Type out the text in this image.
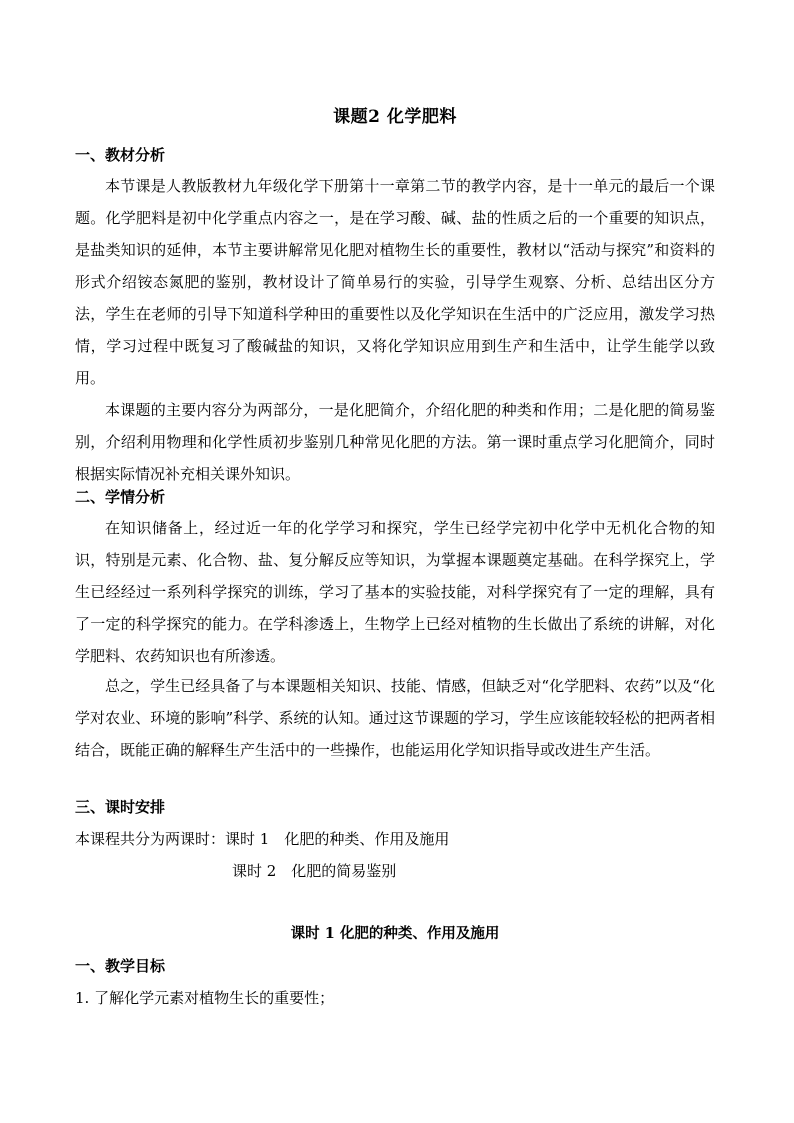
课题2 化学肥料
一、教材分析

本节课是人教版教材九年级化学下册第十一章第二节的教学内容，是十一单元的最后一个课题。化学肥料是初中化学重点内容之一，是在学习酸、碱、盐的性质之后的一个重要的知识点，是盐类知识的延伸，本节主要讲解常见化肥对植物生长的重要性，教材以“活动与探究”和资料的形式介绍铵态氮肥的鉴别，教材设计了简单易行的实验，引导学生观察、分析、总结出区分方法，学生在老师的引导下知道科学种田的重要性以及化学知识在生活中的广泛应用，激发学习热情，学习过程中既复习了酸碱盐的知识，又将化学知识应用到生产和生活中，让学生能学以致用。

本课题的主要内容分为两部分，一是化肥简介，介绍化肥的种类和作用；二是化肥的简易鉴别，介绍利用物理和化学性质初步鉴别几种常见化肥的方法。第一课时重点学习化肥简介，同时根据实际情况补充相关课外知识。

二、学情分析

在知识储备上，经过近一年的化学学习和探究，学生已经学完初中化学中无机化合物的知识，特别是元素、化合物、盐、复分解反应等知识，为掌握本课题奠定基础。在科学探究上，学生已经经过一系列科学探究的训练，学习了基本的实验技能，对科学探究有了一定的理解，具有了一定的科学探究的能力。在学科渗透上，生物学上已经对植物的生长做出了系统的讲解，对化学肥料、农药知识也有所渗透。

总之，学生已经具备了与本课题相关知识、技能、情感，但缺乏对“化学肥料、农药”以及“化学对农业、环境的影响”科学、系统的认知。通过这节课题的学习，学生应该能较轻松的把两者相结合，既能正确的解释生产生活中的一些操作，也能运用化学知识指导或改进生产生活。

三、课时安排
本课程共分为两课时：课时 1　化肥的种类、作用及施用
课时 2　化肥的简易鉴别
课时 1 化肥的种类、作用及施用
一、教学目标
1. 了解化学元素对植物生长的重要性；
